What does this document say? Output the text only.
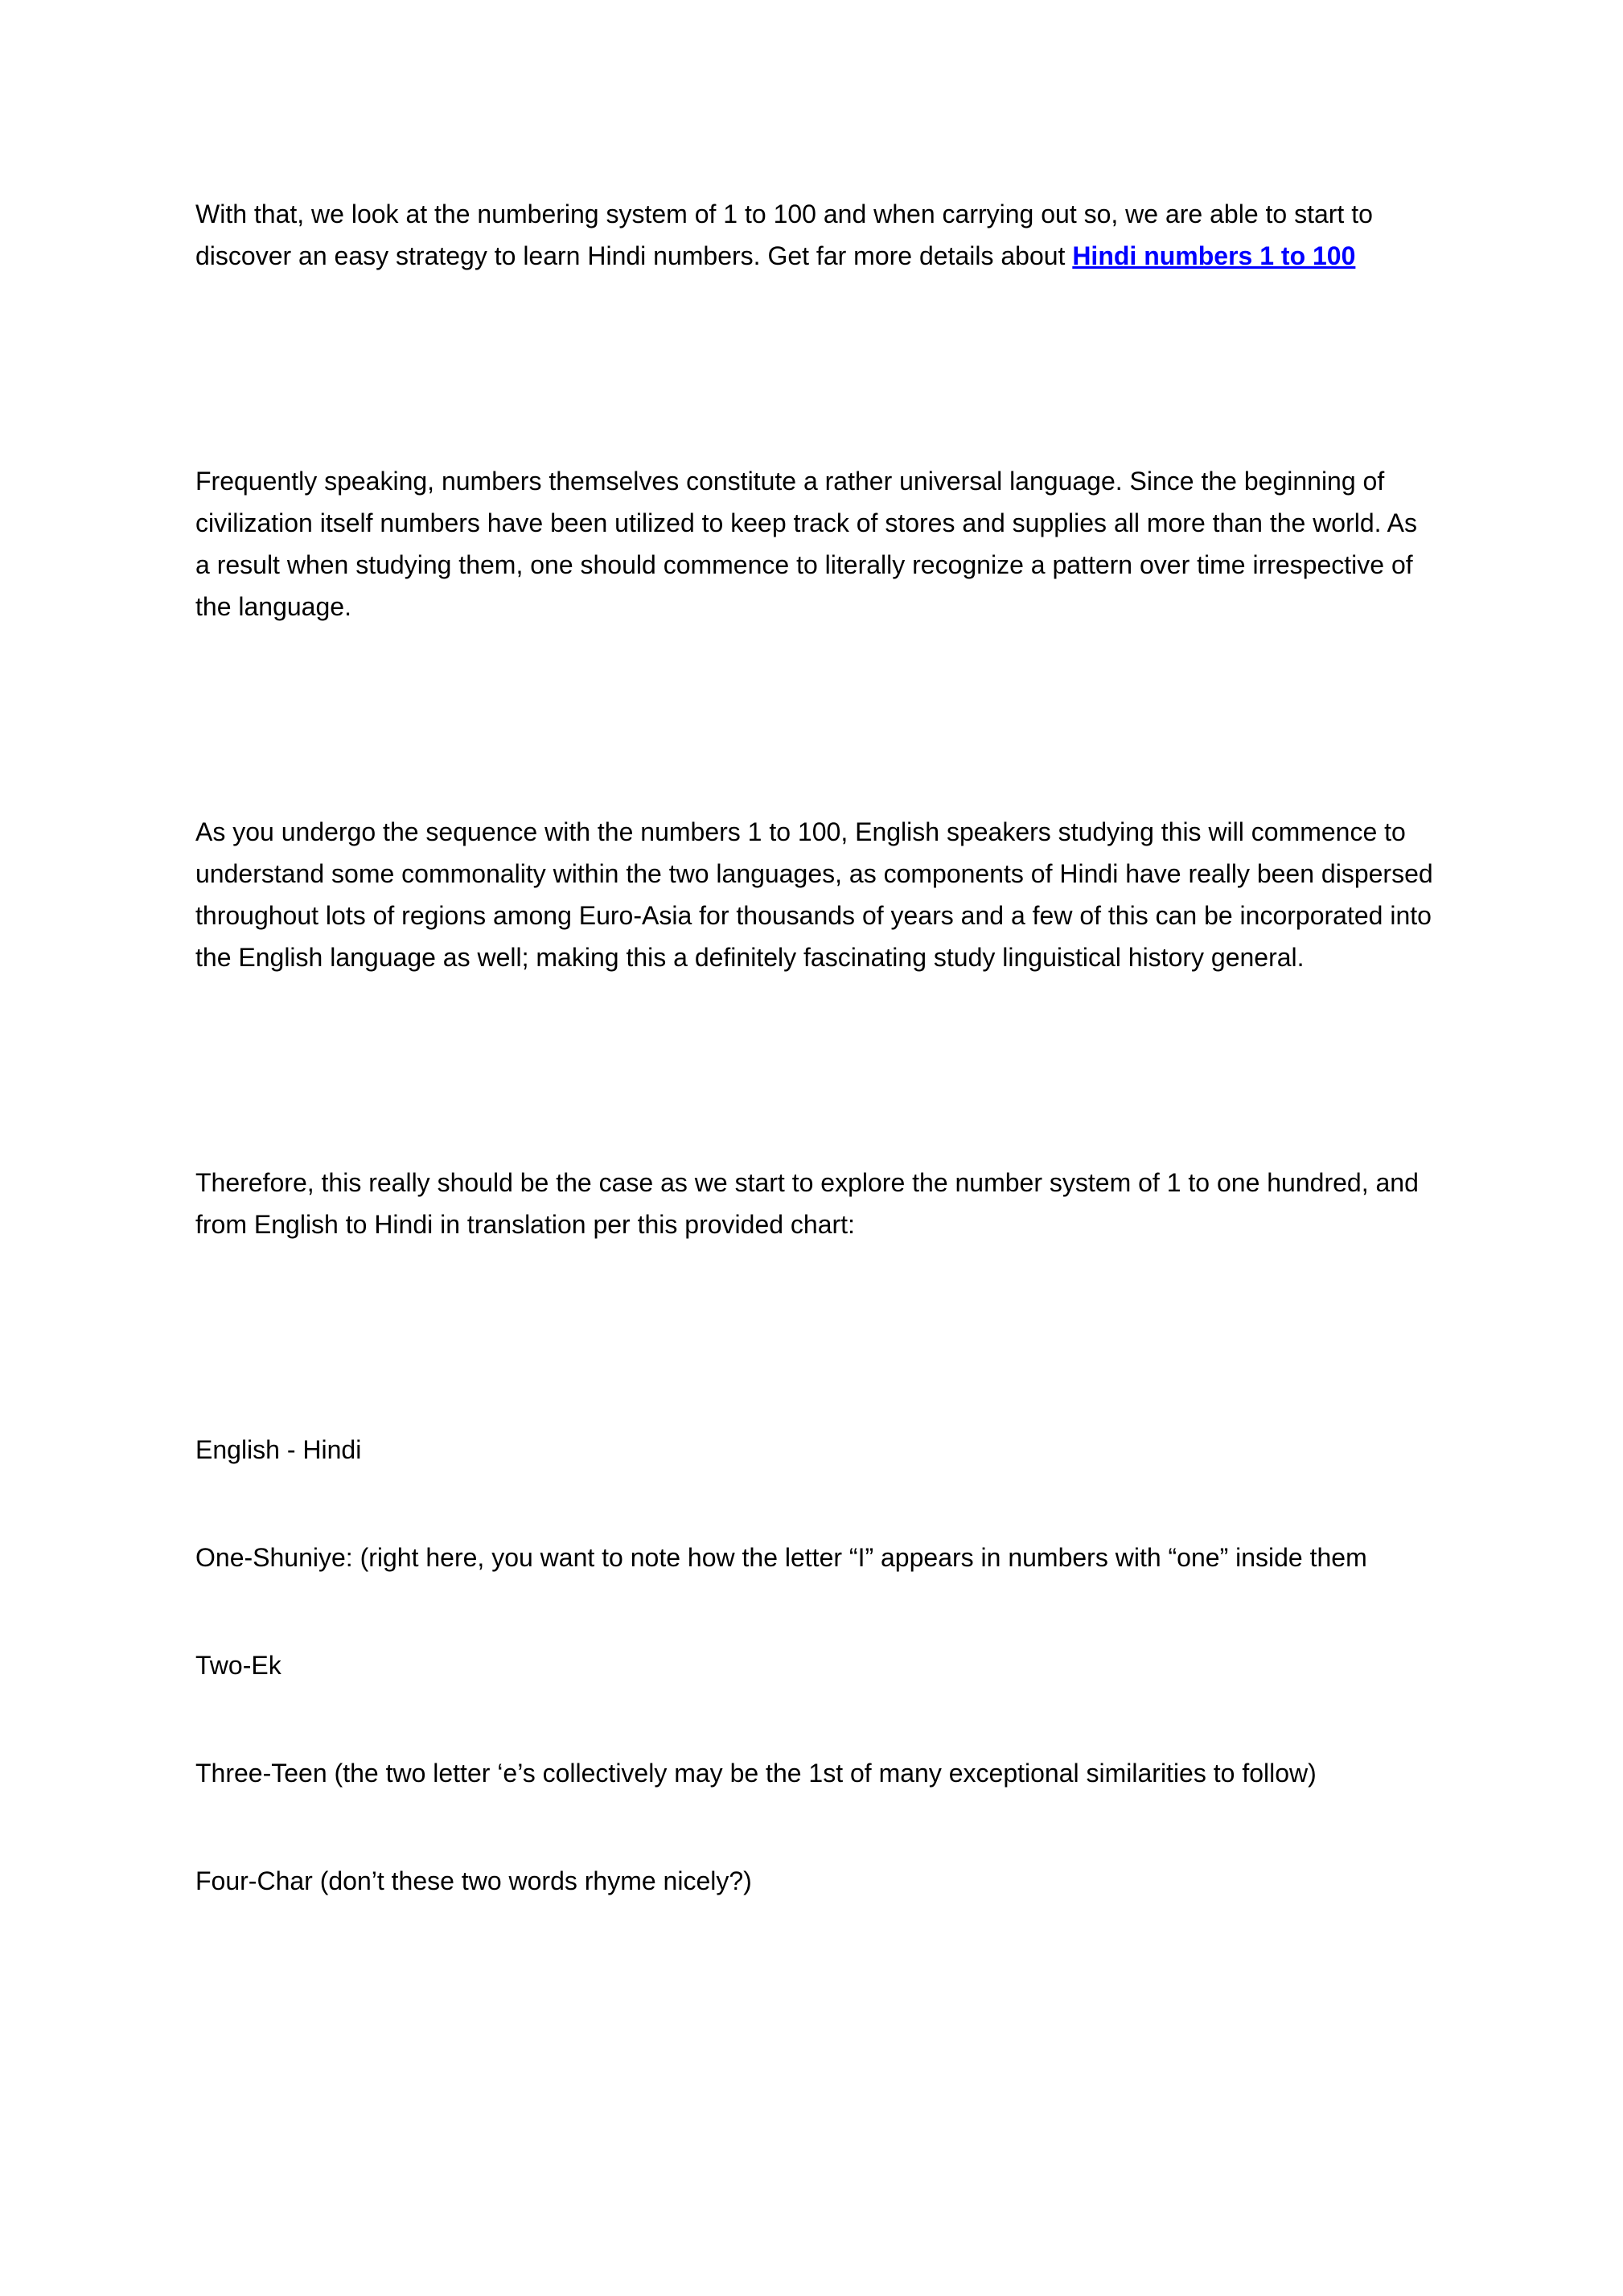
With that, we look at the numbering system of 1 to 100 and when carrying out so, we are able to start to discover an easy strategy to learn Hindi numbers. Get far more details about Hindi numbers 1 to 100

Frequently speaking, numbers themselves constitute a rather universal language. Since the beginning of civilization itself numbers have been utilized to keep track of stores and supplies all more than the world. As a result when studying them, one should commence to literally recognize a pattern over time irrespective of the language.

As you undergo the sequence with the numbers 1 to 100, English speakers studying this will commence to understand some commonality within the two languages, as components of Hindi have really been dispersed throughout lots of regions among Euro-Asia for thousands of years and a few of this can be incorporated into the English language as well; making this a definitely fascinating study linguistical history general.

Therefore, this really should be the case as we start to explore the number system of 1 to one hundred, and from English to Hindi in translation per this provided chart:

English - Hindi

One-Shuniye: (right here, you want to note how the letter “I” appears in numbers with “one” inside them

Two-Ek

Three-Teen (the two letter ‘e’s collectively may be the 1st of many exceptional similarities to follow)

Four-Char (don’t these two words rhyme nicely?)
